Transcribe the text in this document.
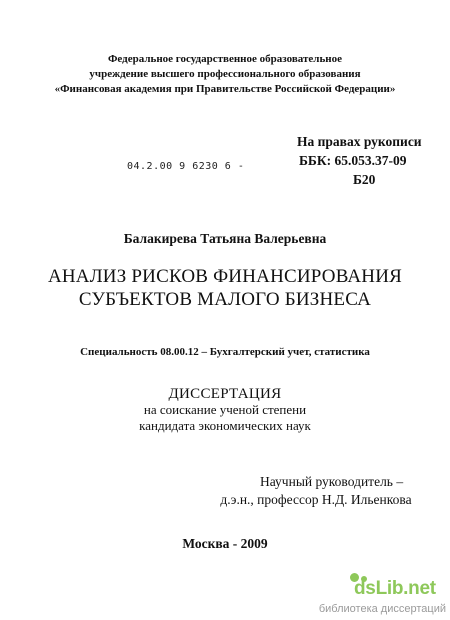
Федеральное государственное образовательное
учреждение высшего профессионального образования
«Финансовая академия при Правительстве Российской Федерации»
На правах рукописи
ББК: 65.053.37-09
Б20
04.2.00 9 6230 6 -
Балакирева Татьяна Валерьевна
АНАЛИЗ РИСКОВ ФИНАНСИРОВАНИЯ
СУБЪЕКТОВ МАЛОГО БИЗНЕСА
Специальность 08.00.12 – Бухгалтерский учет, статистика
ДИССЕРТАЦИЯ
на соискание ученой степени
кандидата экономических наук
Научный руководитель –
д.э.н., профессор Н.Д. Ильенкова
Москва - 2009
dsLib.net
библиотека диссертаций
